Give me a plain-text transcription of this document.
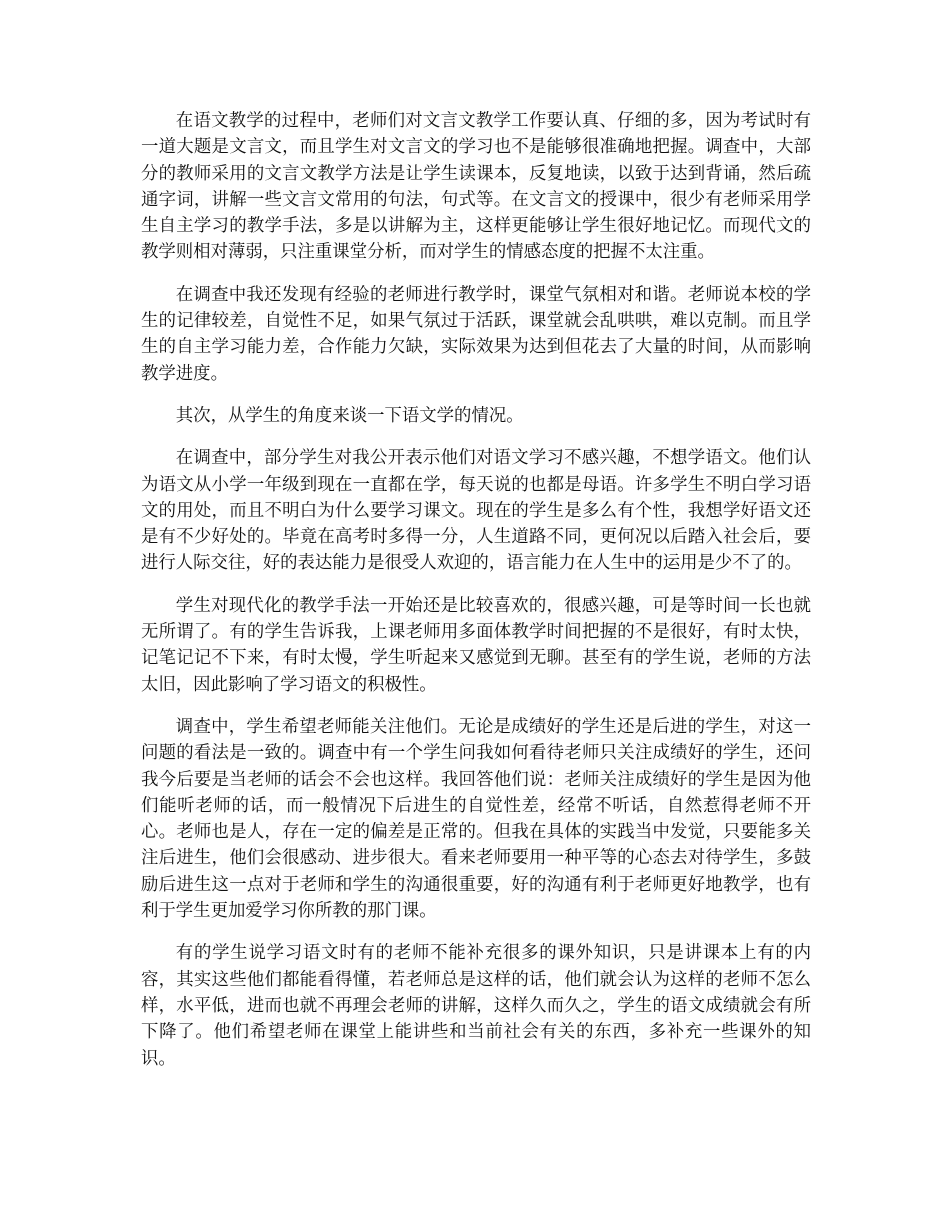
在语文教学的过程中，老师们对文言文教学工作要认真、仔细的多，因为考试时有一道大题是文言文，而且学生对文言文的学习也不是能够很准确地把握。调查中，大部分的教师采用的文言文教学方法是让学生读课本，反复地读，以致于达到背诵，然后疏通字词，讲解一些文言文常用的句法，句式等。在文言文的授课中，很少有老师采用学生自主学习的教学手法，多是以讲解为主，这样更能够让学生很好地记忆。而现代文的教学则相对薄弱，只注重课堂分析，而对学生的情感态度的把握不太注重。

在调查中我还发现有经验的老师进行教学时，课堂气氛相对和谐。老师说本校的学生的记律较差，自觉性不足，如果气氛过于活跃，课堂就会乱哄哄，难以克制。而且学生的自主学习能力差，合作能力欠缺，实际效果为达到但花去了大量的时间，从而影响教学进度。

其次，从学生的角度来谈一下语文学的情况。

在调查中，部分学生对我公开表示他们对语文学习不感兴趣，不想学语文。他们认为语文从小学一年级到现在一直都在学，每天说的也都是母语。许多学生不明白学习语文的用处，而且不明白为什么要学习课文。现在的学生是多么有个性，我想学好语文还是有不少好处的。毕竟在高考时多得一分，人生道路不同，更何况以后踏入社会后，要进行人际交往，好的表达能力是很受人欢迎的，语言能力在人生中的运用是少不了的。

学生对现代化的教学手法一开始还是比较喜欢的，很感兴趣，可是等时间一长也就无所谓了。有的学生告诉我，上课老师用多面体教学时间把握的不是很好，有时太快，记笔记记不下来，有时太慢，学生听起来又感觉到无聊。甚至有的学生说，老师的方法太旧，因此影响了学习语文的积极性。

调查中，学生希望老师能关注他们。无论是成绩好的学生还是后进的学生，对这一问题的看法是一致的。调查中有一个学生问我如何看待老师只关注成绩好的学生，还问我今后要是当老师的话会不会也这样。我回答他们说：老师关注成绩好的学生是因为他们能听老师的话，而一般情况下后进生的自觉性差，经常不听话，自然惹得老师不开心。老师也是人，存在一定的偏差是正常的。但我在具体的实践当中发觉，只要能多关注后进生，他们会很感动、进步很大。看来老师要用一种平等的心态去对待学生，多鼓励后进生这一点对于老师和学生的沟通很重要，好的沟通有利于老师更好地教学，也有利于学生更加爱学习你所教的那门课。

有的学生说学习语文时有的老师不能补充很多的课外知识，只是讲课本上有的内容，其实这些他们都能看得懂，若老师总是这样的话，他们就会认为这样的老师不怎么样，水平低，进而也就不再理会老师的讲解，这样久而久之，学生的语文成绩就会有所下降了。他们希望老师在课堂上能讲些和当前社会有关的东西，多补充一些课外的知识。
